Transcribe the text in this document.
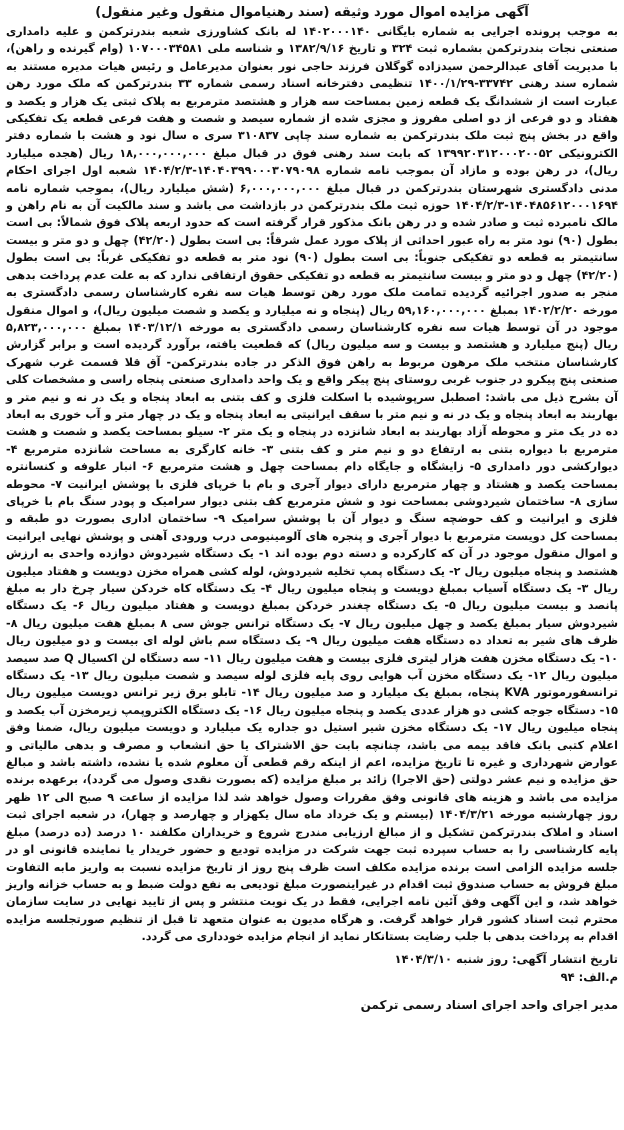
آگهی مزایده اموال مورد وثیقه (سند رهنیاموال منقول وغیر منقول)

به موجب پرونده اجرایی به شماره بایگانی ۱۴۰۲۰۰۰۱۴۰ له بانک کشاورزی شعبه بندرترکمن و علیه دامداری صنعتی نجات بندرترکمن بشماره ثبت ۳۲۴ و تاریخ ۱۳۸۲/۹/۱۶ و شناسه ملی ۱۰۷۰۰۰۳۴۵۸۱ (وام گیرنده و راهن)، با مدیریت آقای عبدالرحمن سیدزاده گوگلان فرزند حاجی نور بعنوان مدیرعامل و رئیس هیات مدیره مستند به شماره سند رهنی ۳۳۷۴۲-۱۴۰۰/۱/۲۹ تنظیمی دفترخانه اسناد رسمی شماره ۳۳ بندرترکمن که ملک مورد رهن عبارت است از ششدانگ یک قطعه زمین بمساحت سه هزار و هشتصد مترمربع به پلاک ثبتی یک هزار و یکصد و هفتاد و دو فرعی از دو اصلی مفروز و مجزی شده از شماره سیصد و شصت و هفت فرعی قطعه یک تفکیکی واقع در بخش پنج ثبت ملک بندرترکمن به شماره سند چاپی ۳۱۰۸۳۷ سری ه سال نود و هشت با شماره دفتر الکترونیکی ۱۳۹۹۲۰۳۱۲۰۰۰۲۰۰۵۲ که بابت سند رهنی فوق در قبال مبلغ ۱۸,۰۰۰,۰۰۰,۰۰۰ ریال (هجده میلیارد ریال)، در رهن بوده و مازاد آن بموجب نامه شماره ۱۴۰۴۰۳۹۹۰۰۰۳۰۷۹۰۹۸-۱۴۰۴/۲/۳ شعبه اول اجرای احکام مدنی دادگستری شهرستان بندرترکمن در قبال مبلغ ۶,۰۰۰,۰۰۰,۰۰۰ (شش میلیارد ریال)، بموجب شماره نامه ۱۴۰۴۸۵۶۱۲۰۰۰۱۶۹۴-۱۴۰۴/۲/۳ حوزه ثبت ملک بندرترکمن در بازداشت می باشد و سند مالکیت آن به نام راهن و مالک نامبرده ثبت و صادر شده و در رهن بانک مذکور قرار گرفته است که حدود اربعه پلاک فوق شمالاً: بی است بطول (۹۰) نود متر به راه عبور احداثی از پلاک مورد عمل شرقاً: بی است بطول (۴۲/۲۰) چهل و دو متر و بیست سانتیمتر به قطعه دو تفکیکی جنوباً: بی است بطول (۹۰) نود متر به قطعه دو تفکیکی غرباً: بی است بطول (۴۲/۲۰) چهل و دو متر و بیست سانتیمتر به قطعه دو تفکیکی حقوق ارتفاقی ندارد که به علت عدم پرداخت بدهی منجر به صدور اجرائیه گردیده تمامت ملک مورد رهن توسط هیات سه نفره کارشناسان رسمی دادگستری به مورخه ۱۴۰۲/۲/۲۰ بمبلغ ۵۹,۱۶۰,۰۰۰,۰۰۰ ریال (پنجاه و نه میلیارد و یکصد و شصت میلیون ریال)، و اموال منقول موجود در آن توسط هیات سه نفره کارشناسان رسمی دادگستری به مورخه ۱۴۰۳/۱۲/۱ بمبلغ ۵,۸۲۳,۰۰۰,۰۰۰ ریال (پنج میلیارد و هشتصد و بیست و سه میلیون ریال) که قطعیت یافته، برآورد گردیده است و برابر گزارش کارشناسان منتخب ملک مرهون مربوط به راهن فوق الذکر در جاده بندرترکمن- آق قلا قسمت غرب شهرک صنعتی پنج پیکرو در جنوب غربی روستای پنج پیکر واقع و یک واحد دامداری صنعتی پنجاه راسی و مشخصات کلی آن بشرح ذیل می باشد: اصطبل سرپوشیده با اسکلت فلزی و کف بتنی به ابعاد پنجاه و یک در نه و نیم متر و بهاربند به ابعاد پنجاه و یک در نه و نیم متر با سقف ایرانیتی به ابعاد پنجاه و یک در چهار متر و آب خوری به ابعاد ده در یک متر و محوطه آزاد بهاربند به ابعاد شانزده در پنجاه و یک متر ۲- سیلو بمساحت یکصد و شصت و هشت مترمربع با دیواره بتنی به ارتفاع دو و نیم متر و کف بتنی ۳- خانه کارگری به مساحت شانزده مترمربع ۴- دیوارکشی دور دامداری ۵- زایشگاه و جایگاه دام بمساحت چهل و هشت مترمربع ۶- انبار علوفه و کنسانتره بمساحت یکصد و هشتاد و چهار مترمربع دارای دیوار آجری و بام با خرپای فلزی با پوشش ایرانیت ۷- محوطه سازی ۸- ساختمان شیردوشی بمساحت نود و شش مترمربع کف بتنی دیوار سرامیک و پودر سنگ بام با خرپای فلزی و ایرانیت و کف حوضچه سنگ و دیوار آن با پوشش سرامیک ۹- ساختمان اداری بصورت دو طبقه و بمساحت کل دویست مترمربع با دیوار آجری و پنجره های آلومینیومی درب ورودی آهنی و پوشش نهایی ایرانیت و اموال منقول موجود در آن که کارکرده و دسته دوم بوده اند ۱- یک دستگاه شیردوش دوازده واحدی به ارزش هشتصد و پنجاه میلیون ریال ۲- یک دستگاه پمپ تخلیه شیردوش، لوله کشی همراه مخزن دویست و هفتاد میلیون ریال ۳- یک دستگاه آسیاب بمبلغ دویست و پنجاه میلیون ریال ۴- یک دستگاه کاه خردکن سیار چرخ دار به مبلغ پانصد و بیست میلیون ریال ۵- یک دستگاه چغندر خردکن بمبلغ دویست و هفتاد میلیون ریال ۶- یک دستگاه شیردوش سیار بمبلغ یکصد و چهل میلیون ریال ۷- یک دستگاه ترانس جوش سی ۸ بمبلغ هفت میلیون ریال ۸- ظرف های شیر به تعداد ده دستگاه هفت میلیون ریال ۹- یک دستگاه سم باش لوله ای بیست و دو میلیون ریال ۱۰- یک دستگاه مخزن هفت هزار لیتری فلزی بیست و هفت میلیون ریال ۱۱- سه دستگاه لن اکسیال Q صد سیصد میلیون ریال ۱۲- یک دستگاه مخزن آب هوایی روی پایه فلزی لوله سیصد و شصت میلیون ریال ۱۳- یک دستگاه ترانسفورموتور KVA پنجاه، بمبلغ یک میلیارد و صد میلیون ریال ۱۴- تابلو برق زیر ترانس دویست میلیون ریال ۱۵- دستگاه جوجه کشی دو هزار عددی یکصد و پنجاه میلیون ریال ۱۶- یک دستگاه الکتروپمپ زیرمخزن آب یکصد و پنجاه میلیون ریال ۱۷- یک دستگاه مخزن شیر استیل دو جداره یک میلیارد و دویست میلیون ریال، ضمنا وفق اعلام کتبی بانک فاقد بیمه می باشد، چنانچه بابت حق الاشتراک یا حق انشعاب و مصرف و بدهی مالیاتی و عوارض شهرداری و غیره تا تاریخ مزایده، اعم از اینکه رقم قطعی آن معلوم شده یا نشده، داشته باشد و مبالغ حق مزایده و نیم عشر دولتی (حق الاجرا) زائد بر مبلغ مزایده (که بصورت نقدی وصول می گردد)، برعهده برنده مزایده می باشد و هزینه های قانونی وفق مقررات وصول خواهد شد لذا مزایده از ساعت ۹ صبح الی ۱۲ ظهر روز چهارشنبه مورخه ۱۴۰۴/۳/۲۱ (بیستم و یک خرداد ماه سال یکهزار و چهارصد و چهار)، در شعبه اجرای ثبت اسناد و املاک بندرترکمن تشکیل و از مبالغ ارزیابی مندرج شروع و خریداران مکلفند ۱۰ درصد (ده درصد) مبلغ پایه کارشناسی را به حساب سپرده ثبت جهت شرکت در مزایده تودیع و حضور خریدار یا نماینده قانونی او در جلسه مزایده الزامی است برنده مزایده مکلف است ظرف پنج روز از تاریخ مزایده نسبت به واریز مابه التفاوت مبلغ فروش به حساب صندوق ثبت اقدام در غیراینصورت مبلغ تودیعی به نفع دولت ضبط و به حساب خزانه واریز خواهد شد، و این آگهی وفق آئین نامه اجرایی، فقط در یک نوبت منتشر و پس از تایید نهایی در سایت سازمان محترم ثبت اسناد کشور قرار خواهد گرفت. و هرگاه مدیون به عنوان متعهد تا قبل از تنظیم صورتجلسه مزایده اقدام به پرداخت بدهی با جلب رضایت بستانکار نماید از انجام مزایده خودداری می گردد.

تاریخ انتشار آگهی: روز شنبه ۱۴۰۴/۳/۱۰
م.الف: ۹۴
مدیر اجرای واحد اجرای اسناد رسمی ترکمن
